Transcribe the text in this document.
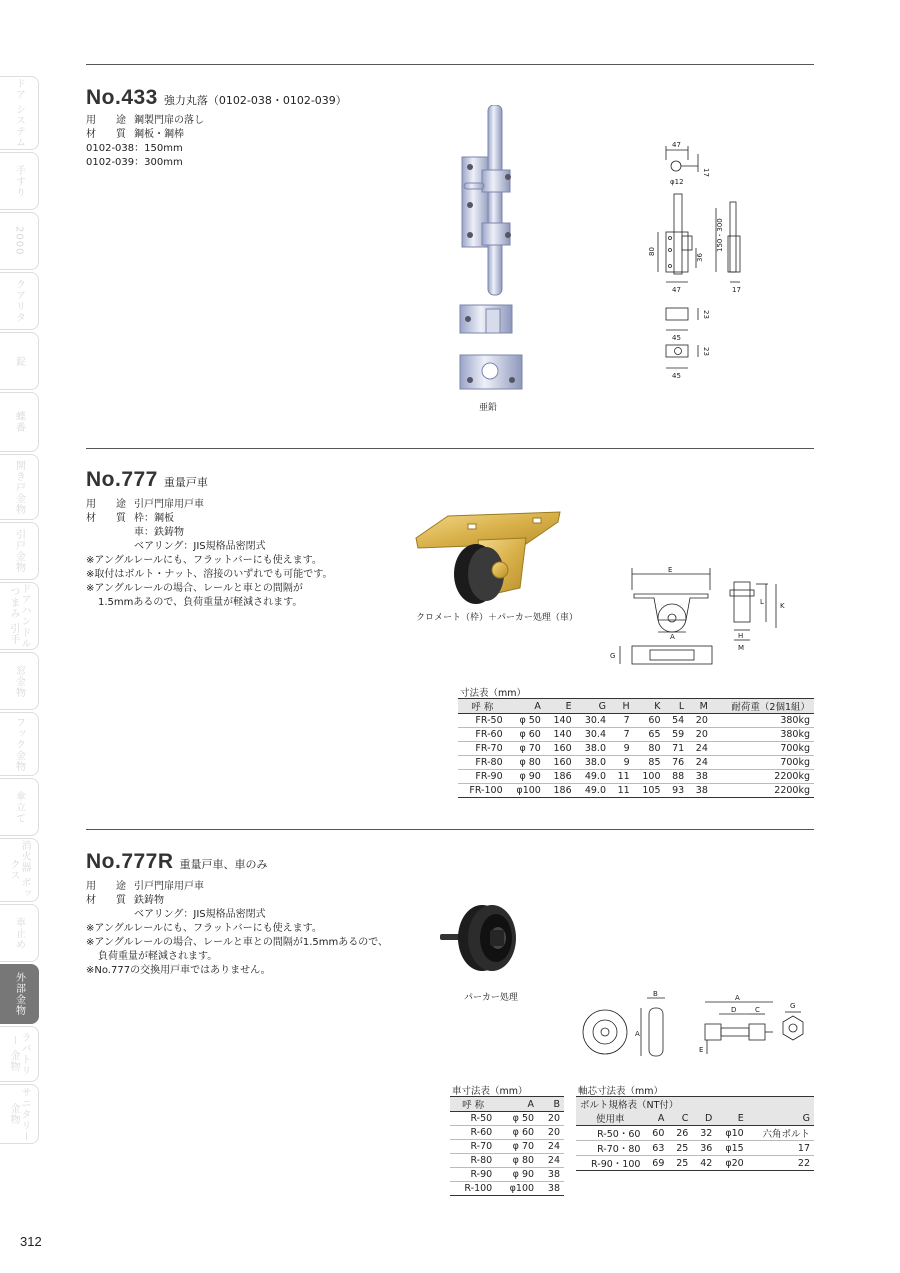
ドア システム
手すり
2000
クアリタ
錠
蝶番
開き戸金物
引戸金物
ドアハンドル つまみ 引手
窓金物
フック金物
傘立て
消火器 ボックス
車止め
外部金物
ラバトリー 金物
サニタリー 金物
No.433 強力丸落（0102-038・0102-039）
用　　途 鋼製門扉の落し
材　　質 鋼板・鋼棒
0102-038：150mm
0102-039：300mm
亜鉛
47
17
φ12
80
36
150・300
47	17
45
23
45
23
No.777 重量戸車
用　　途 引戸門扉用戸車
材　　質 枠：鋼板
車：鉄鋳物
ベアリング：JIS規格品密閉式
※アングルレールにも、フラットバーにも使えます。
※取付はボルト・ナット、溶接のいずれでも可能です。
※アングルレールの場合、レールと車との間隔が
1.5mmあるので、負荷重量が軽減されます。
クロメート（枠）＋パーカー処理（車）
E
A
L K
H
M
G
寸法表（mm）
呼 称	A	E	G	H	K	L	M	耐荷重（2個1組）
FR-50	φ 50	140	30.4	7	60	54	20	380kg
FR-60	φ 60	140	30.4	7	65	59	20	380kg
FR-70	φ 70	160	38.0	9	80	71	24	700kg
FR-80	φ 80	160	38.0	9	85	76	24	700kg
FR-90	φ 90	186	49.0	11	100	88	38	2200kg
FR-100	φ100	186	49.0	11	105	93	38	2200kg
No.777R 重量戸車、車のみ
用　　途 引戸門扉用戸車
材　　質 鉄鋳物
ベアリング：JIS規格品密閉式
※アングルレールにも、フラットバーにも使えます。
※アングルレールの場合、レールと車との間隔が1.5mmあるので、
負荷重量が軽減されます。
※No.777の交換用戸車ではありません。
パーカー処理	B
A
A
C
D
E
G
車寸法表（mm）
呼 称	A	B
R-50	φ 50	20
R-60	φ 60	20
R-70	φ 70	24
R-80	φ 80	24
R-90	φ 90	38
R-100	φ100	38
軸芯寸法表（mm）
ボルト規格表（NT付）					
使用車	A	C	D	E	G
R-50・60	60	26	32	φ10	六角ボルト
R-70・80	63	25	36	φ15	17
R-90・100	69	25	42	φ20	22
312
